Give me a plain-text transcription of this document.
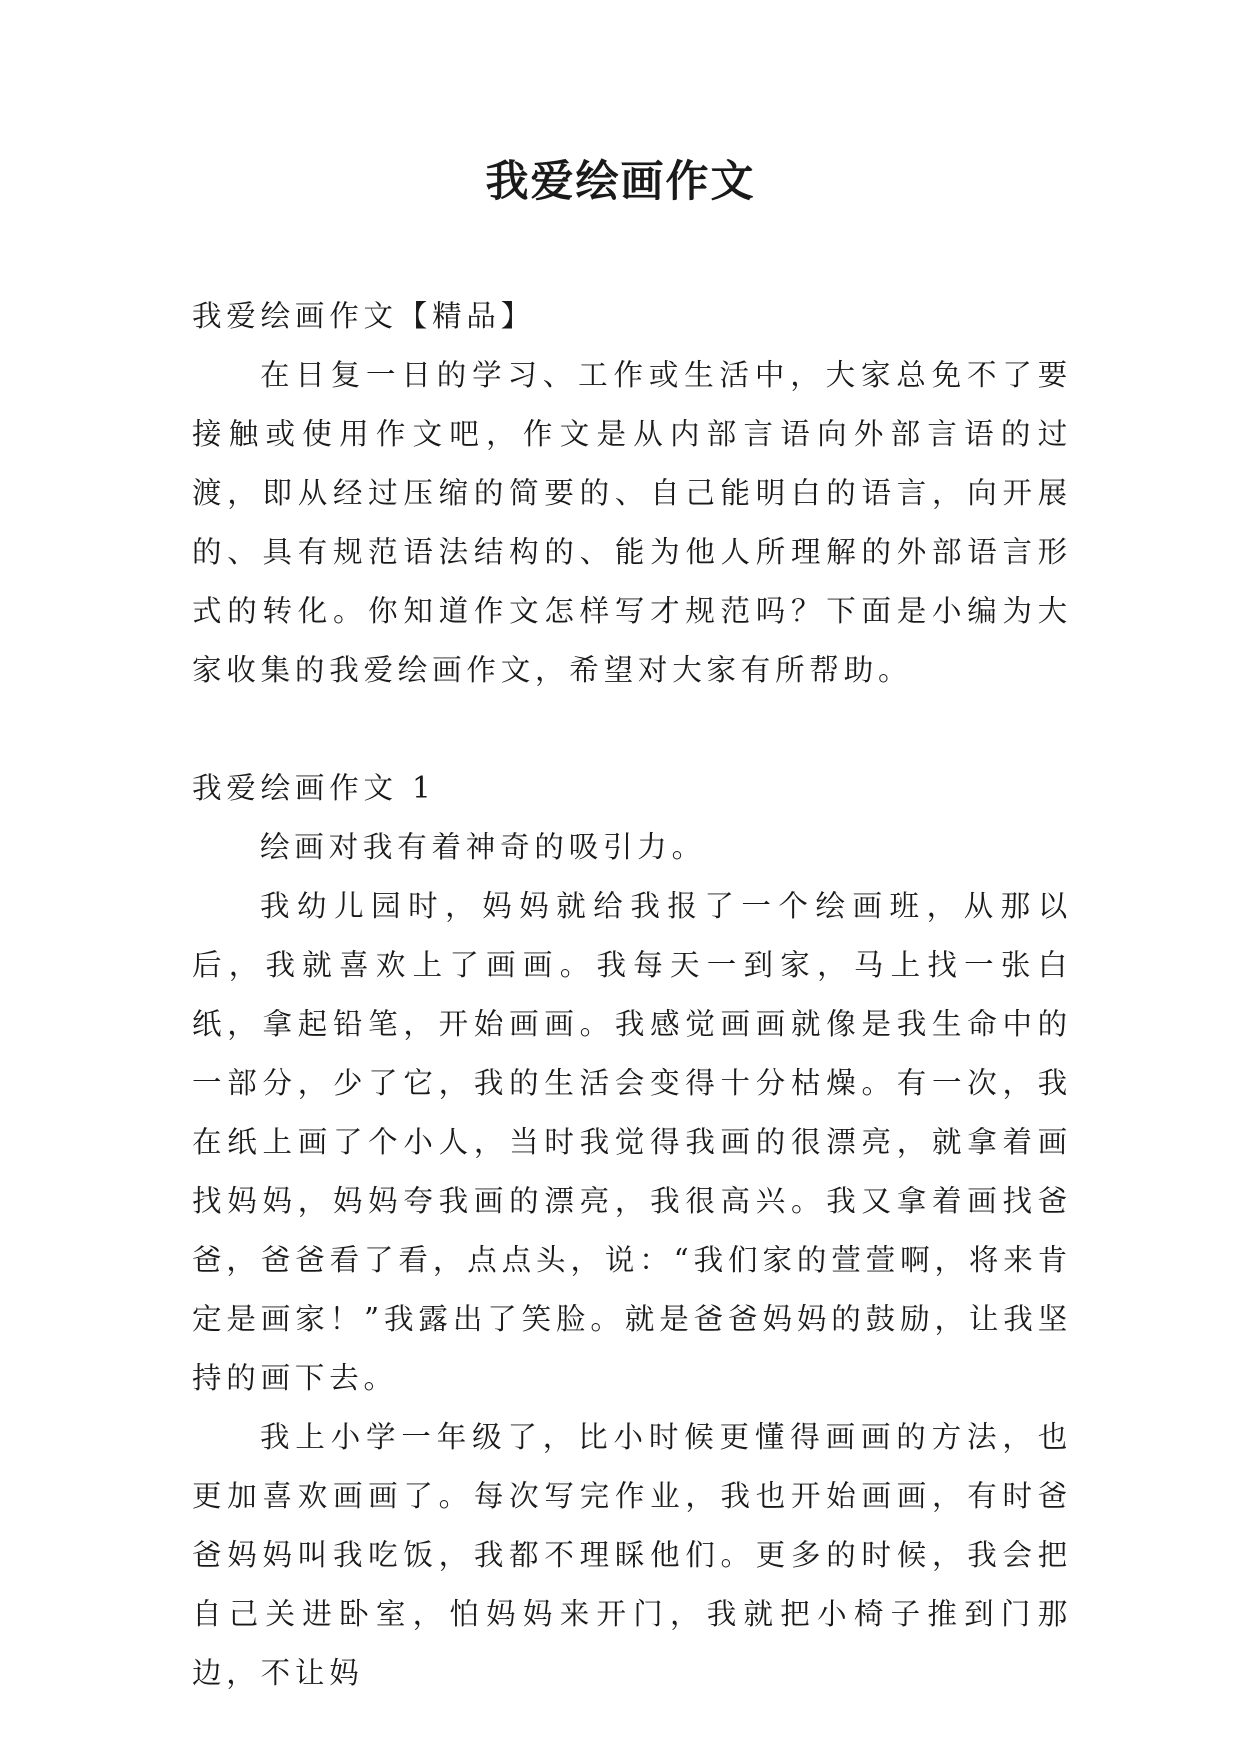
我爱绘画作文

我爱绘画作文【精品】

在日复一日的学习、工作或生活中，大家总免不了要接触或使用作文吧，作文是从内部言语向外部言语的过渡，即从经过压缩的简要的、自己能明白的语言，向开展的、具有规范语法结构的、能为他人所理解的外部语言形式的转化。你知道作文怎样写才规范吗？下面是小编为大家收集的我爱绘画作文，希望对大家有所帮助。

我爱绘画作文 1

绘画对我有着神奇的吸引力。

我幼儿园时，妈妈就给我报了一个绘画班，从那以后，我就喜欢上了画画。我每天一到家，马上找一张白纸，拿起铅笔，开始画画。我感觉画画就像是我生命中的一部分，少了它，我的生活会变得十分枯燥。有一次，我在纸上画了个小人，当时我觉得我画的很漂亮，就拿着画找妈妈，妈妈夸我画的漂亮，我很高兴。我又拿着画找爸爸，爸爸看了看，点点头，说：“我们家的萱萱啊，将来肯定是画家！”我露出了笑脸。就是爸爸妈妈的鼓励，让我坚持的画下去。

我上小学一年级了，比小时候更懂得画画的方法，也更加喜欢画画了。每次写完作业，我也开始画画，有时爸爸妈妈叫我吃饭，我都不理睬他们。更多的时候，我会把自己关进卧室，怕妈妈来开门，我就把小椅子推到门那边，不让妈
